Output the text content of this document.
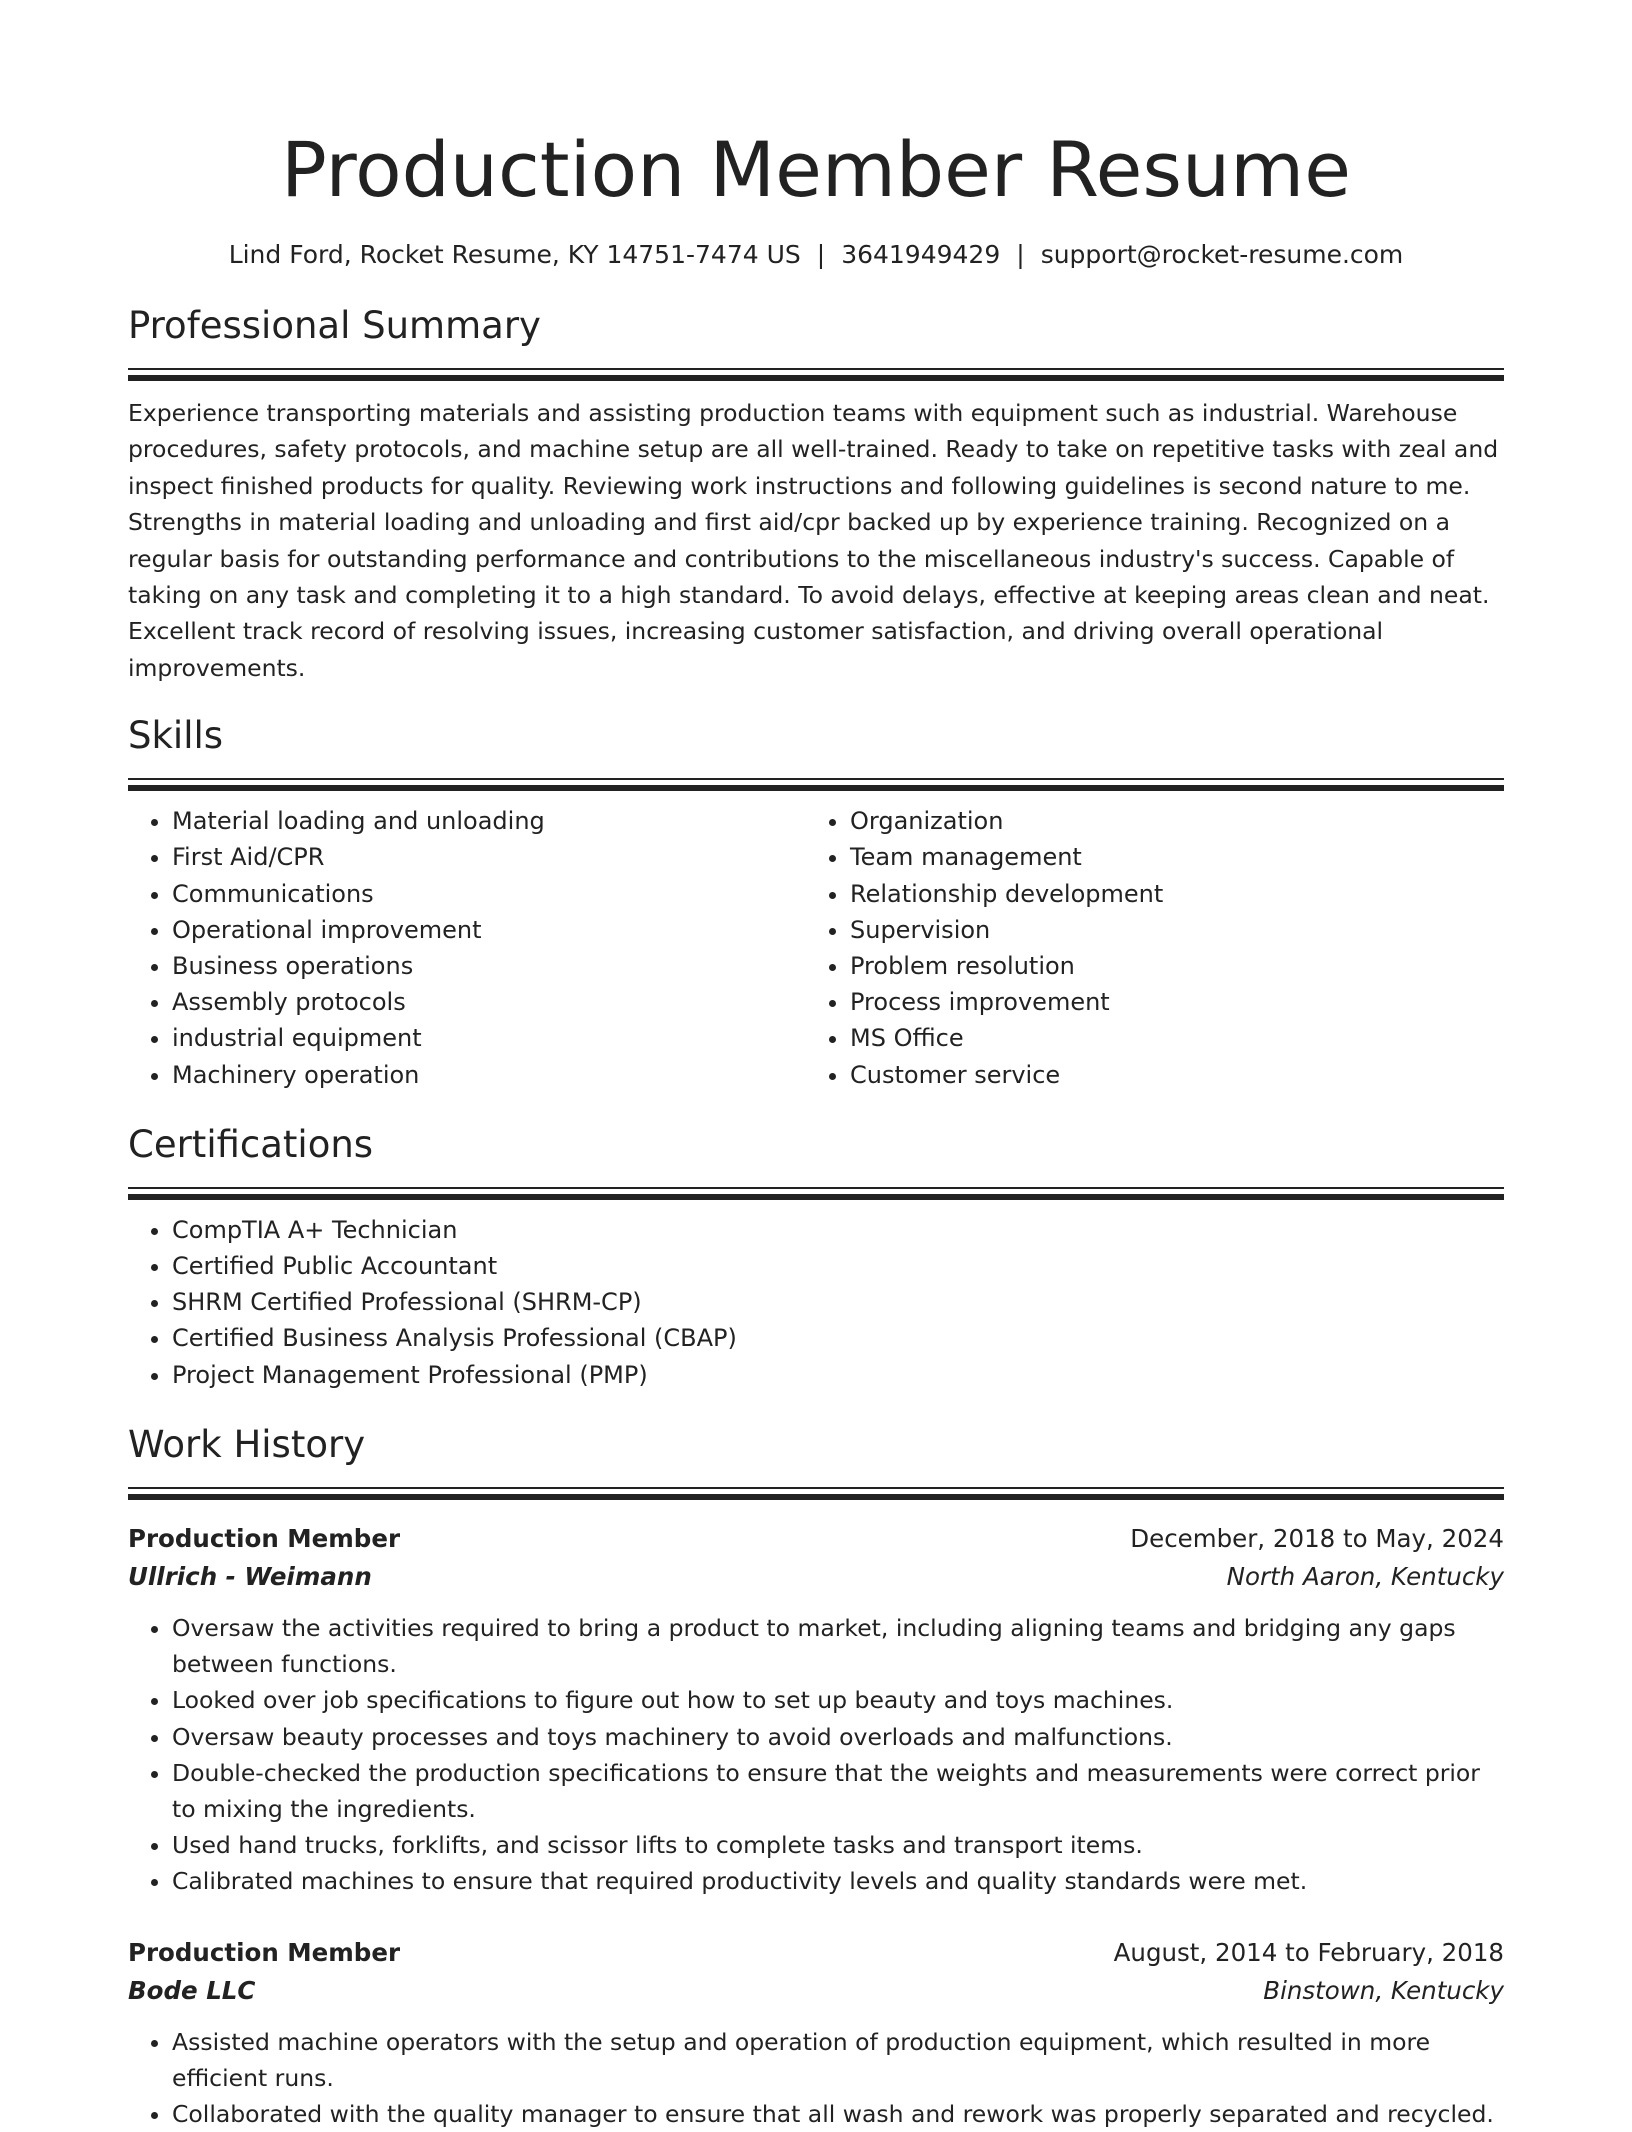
Production Member Resume
Lind Ford, Rocket Resume, KY 14751-7474 US | 3641949429 | support@rocket-resume.com
Professional Summary
Experience transporting materials and assisting production teams with equipment such as industrial. Warehouse procedures, safety protocols, and machine setup are all well-trained. Ready to take on repetitive tasks with zeal and inspect finished products for quality. Reviewing work instructions and following guidelines is second nature to me. Strengths in material loading and unloading and first aid/cpr backed up by experience training. Recognized on a regular basis for outstanding performance and contributions to the miscellaneous industry's success. Capable of taking on any task and completing it to a high standard. To avoid delays, effective at keeping areas clean and neat. Excellent track record of resolving issues, increasing customer satisfaction, and driving overall operational improvements.
Skills
• Material loading and unloading
• First Aid/CPR
• Communications
• Operational improvement
• Business operations
• Assembly protocols
• industrial equipment
• Machinery operation
• Organization
• Team management
• Relationship development
• Supervision
• Problem resolution
• Process improvement
• MS Office
• Customer service
Certifications
• CompTIA A+ Technician
• Certified Public Accountant
• SHRM Certified Professional (SHRM-CP)
• Certified Business Analysis Professional (CBAP)
• Project Management Professional (PMP)
Work History
Production Member	December, 2018 to May, 2024
Ullrich - Weimann	North Aaron, Kentucky
• Oversaw the activities required to bring a product to market, including aligning teams and bridging any gaps between functions.
• Looked over job specifications to figure out how to set up beauty and toys machines.
• Oversaw beauty processes and toys machinery to avoid overloads and malfunctions.
• Double-checked the production specifications to ensure that the weights and measurements were correct prior to mixing the ingredients.
• Used hand trucks, forklifts, and scissor lifts to complete tasks and transport items.
• Calibrated machines to ensure that required productivity levels and quality standards were met.
Production Member	August, 2014 to February, 2018
Bode LLC	Binstown, Kentucky
• Assisted machine operators with the setup and operation of production equipment, which resulted in more efficient runs.
• Collaborated with the quality manager to ensure that all wash and rework was properly separated and recycled.
